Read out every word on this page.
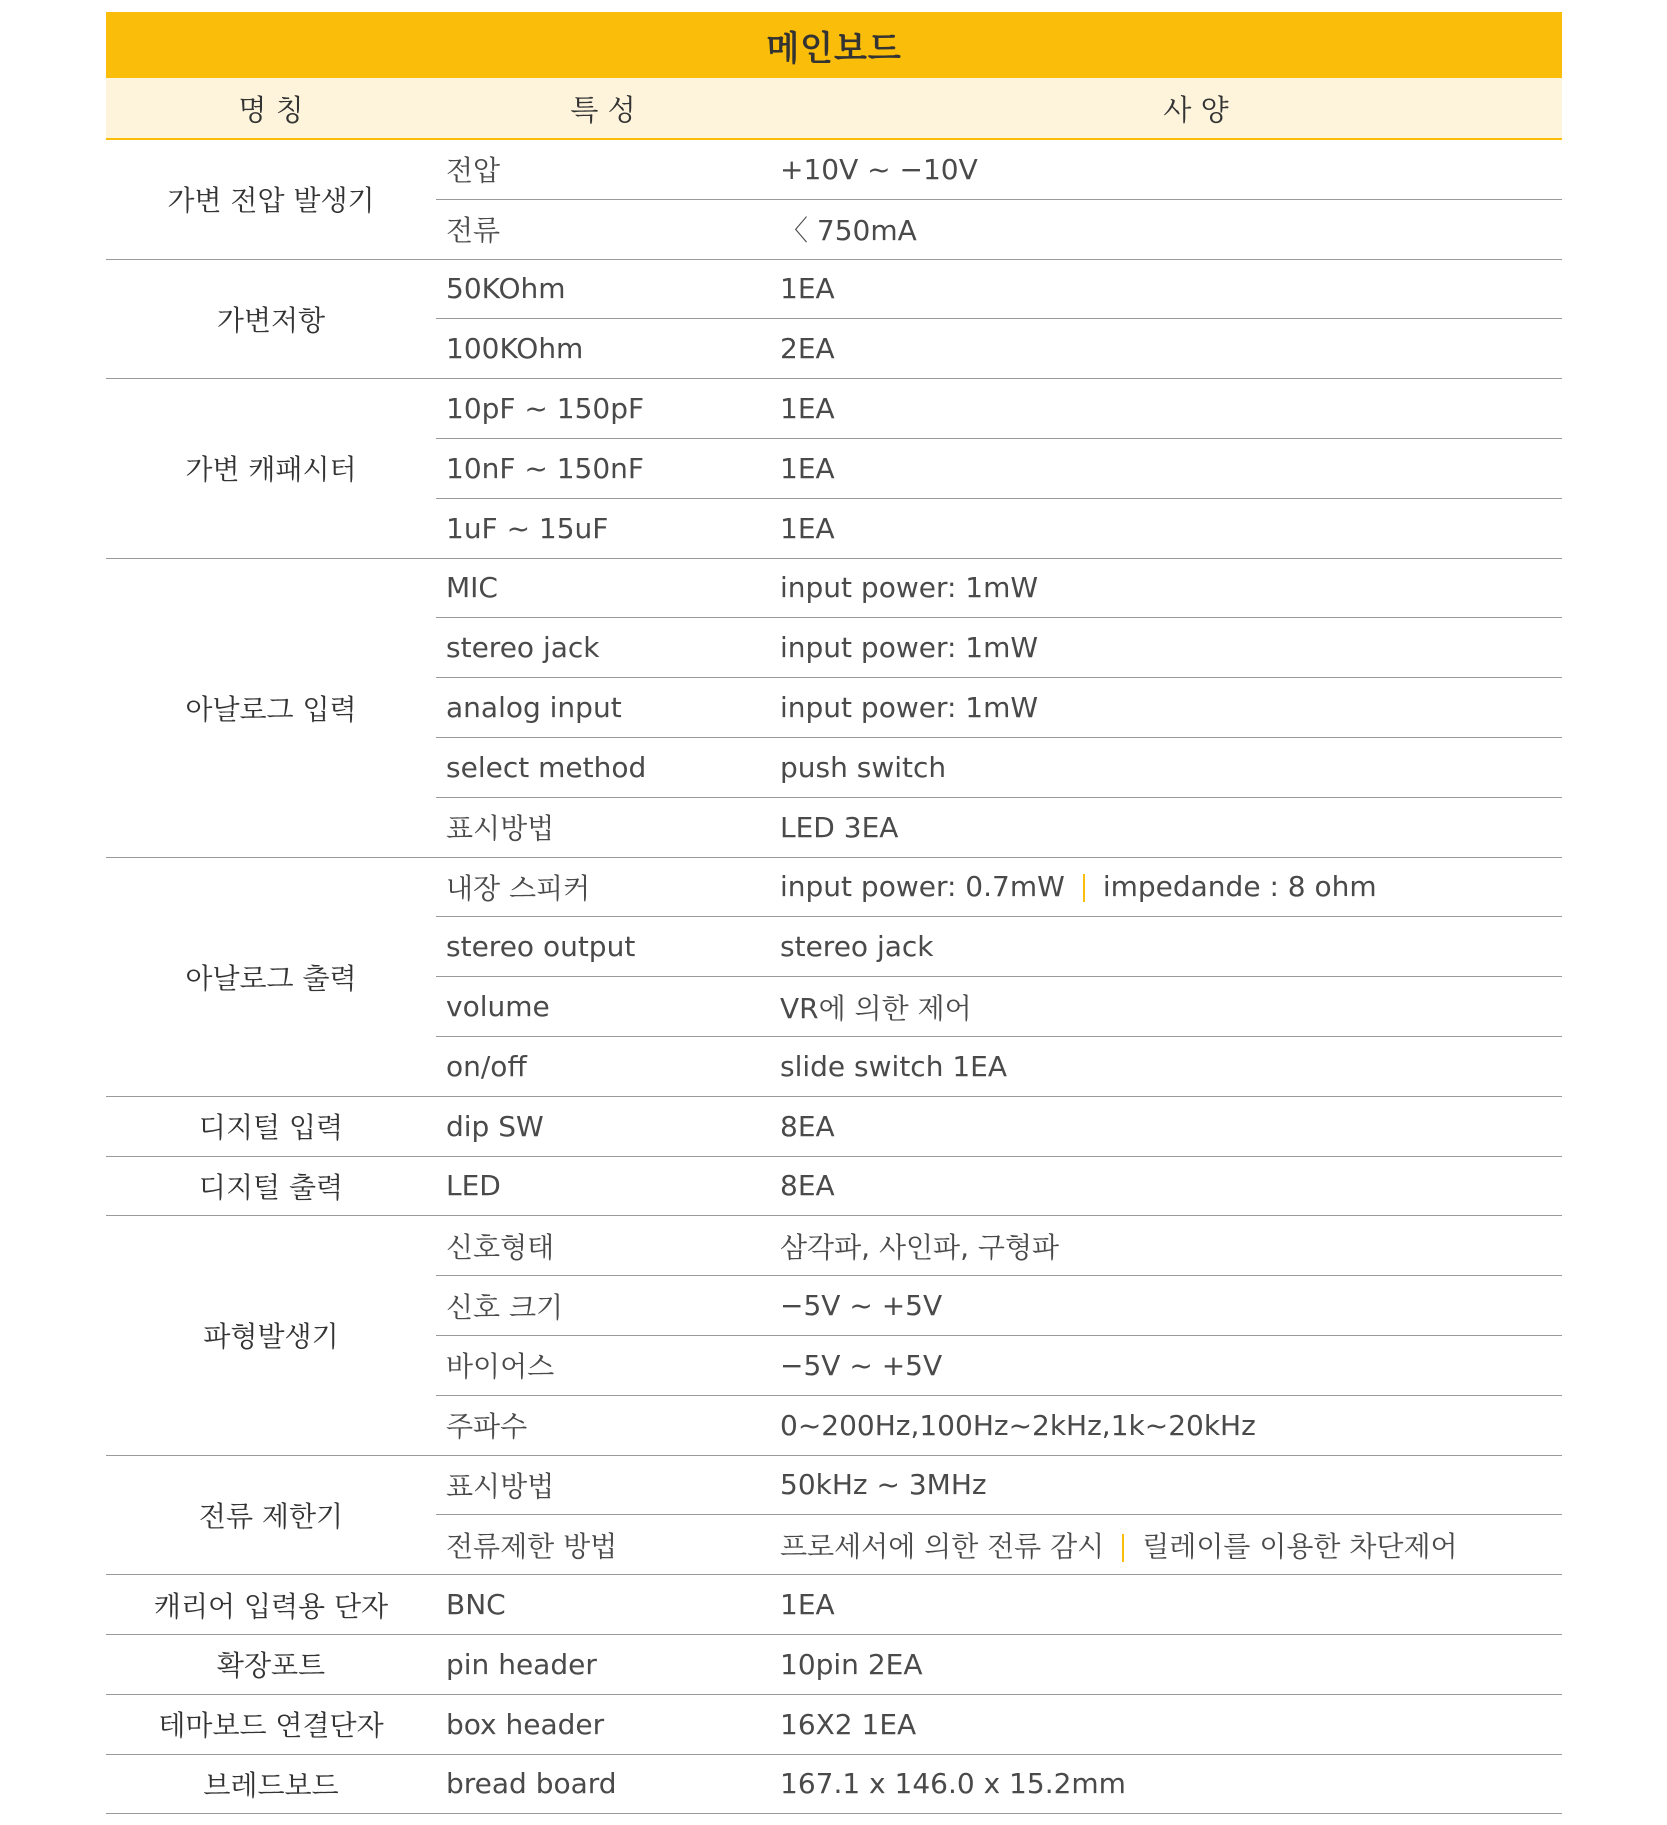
메인보드		
명 칭	특 성	사 양
가변 전압 발생기	전압	+10V ~ −10V
	전류	〈 750mA
가변저항	50KOhm	1EA
	100KOhm	2EA
가변 캐패시터	10pF ~ 150pF	1EA
	10nF ~ 150nF	1EA
	1uF ~ 15uF	1EA
아날로그 입력	MIC	input power: 1mW
	stereo jack	input power: 1mW
	analog input	input power: 1mW
	select method	push switch
	표시방법	LED 3EA
아날로그 출력	내장 스피커	input power: 0.7mW impedande : 8 ohm
	stereo output	stereo jack
	volume	VR에 의한 제어
	on/off	slide switch 1EA
디지털 입력	dip SW	8EA
디지털 출력	LED	8EA
파형발생기	신호형태	삼각파, 사인파, 구형파
	신호 크기	−5V ~ +5V
	바이어스	−5V ~ +5V
	주파수	0~200Hz,100Hz~2kHz,1k~20kHz
전류 제한기	표시방법	50kHz ~ 3MHz
	전류제한 방법	프로세서에 의한 전류 감시 릴레이를 이용한 차단제어
캐리어 입력용 단자	BNC	1EA
확장포트	pin header	10pin 2EA
테마보드 연결단자	box header	16X2 1EA
브레드보드	bread board	167.1 x 146.0 x 15.2mm
